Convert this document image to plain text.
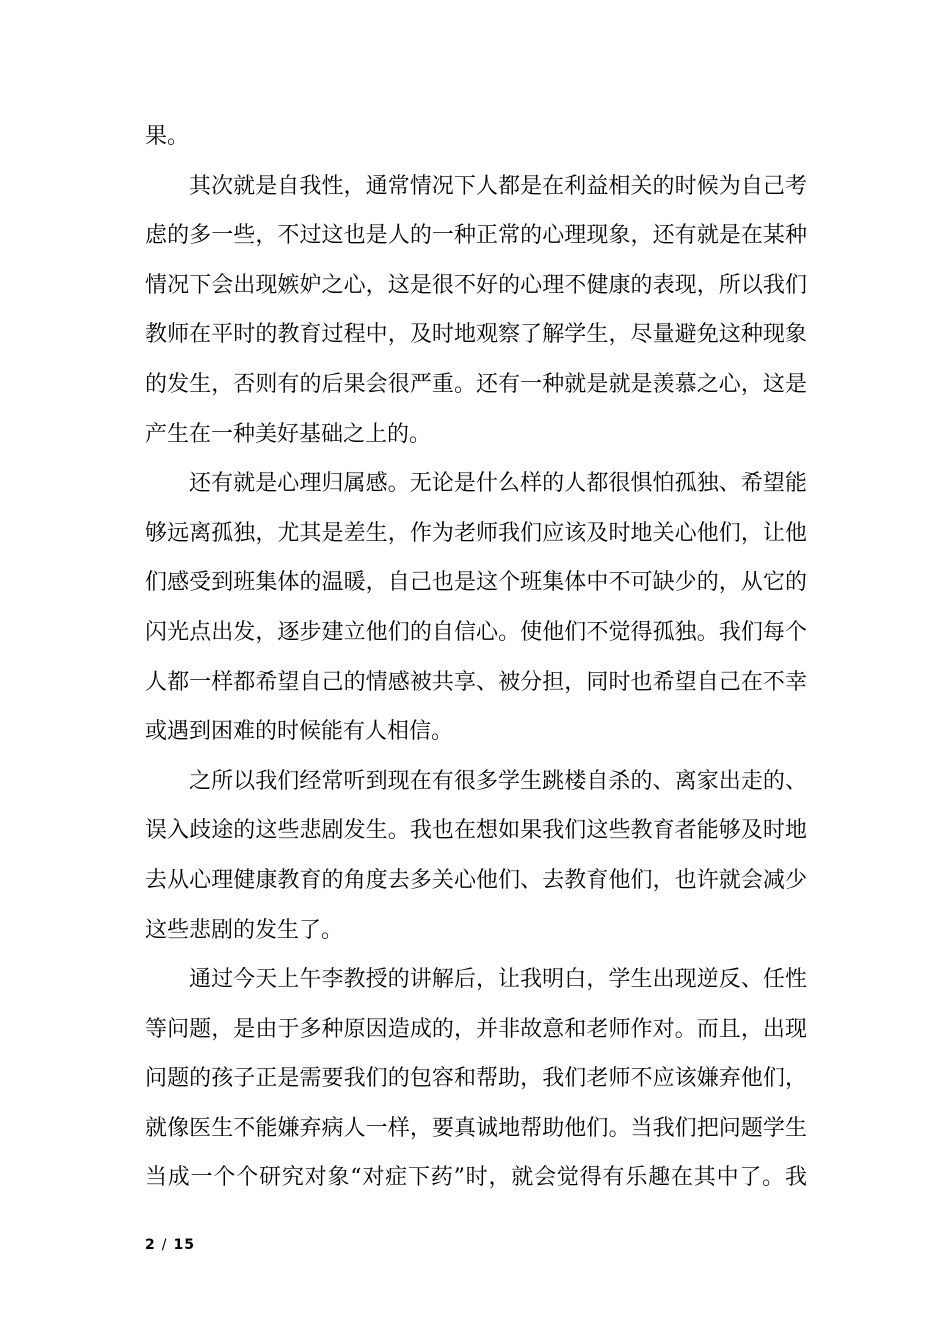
果。
其次就是自我性，通常情况下人都是在利益相关的时候为自己考
虑的多一些，不过这也是人的一种正常的心理现象，还有就是在某种
情况下会出现嫉妒之心，这是很不好的心理不健康的表现，所以我们
教师在平时的教育过程中，及时地观察了解学生，尽量避免这种现象
的发生，否则有的后果会很严重。还有一种就是就是羡慕之心，这是
产生在一种美好基础之上的。
还有就是心理归属感。无论是什么样的人都很惧怕孤独、希望能
够远离孤独，尤其是差生，作为老师我们应该及时地关心他们，让他
们感受到班集体的温暖，自己也是这个班集体中不可缺少的，从它的
闪光点出发，逐步建立他们的自信心。使他们不觉得孤独。我们每个
人都一样都希望自己的情感被共享、被分担，同时也希望自己在不幸
或遇到困难的时候能有人相信。
之所以我们经常听到现在有很多学生跳楼自杀的、离家出走的、
误入歧途的这些悲剧发生。我也在想如果我们这些教育者能够及时地
去从心理健康教育的角度去多关心他们、去教育他们，也许就会减少
这些悲剧的发生了。
通过今天上午李教授的讲解后，让我明白，学生出现逆反、任性
等问题，是由于多种原因造成的，并非故意和老师作对。而且，出现
问题的孩子正是需要我们的包容和帮助，我们老师不应该嫌弃他们，
就像医生不能嫌弃病人一样，要真诚地帮助他们。当我们把问题学生
当成一个个研究对象“对症下药”时，就会觉得有乐趣在其中了。我
2 / 15
